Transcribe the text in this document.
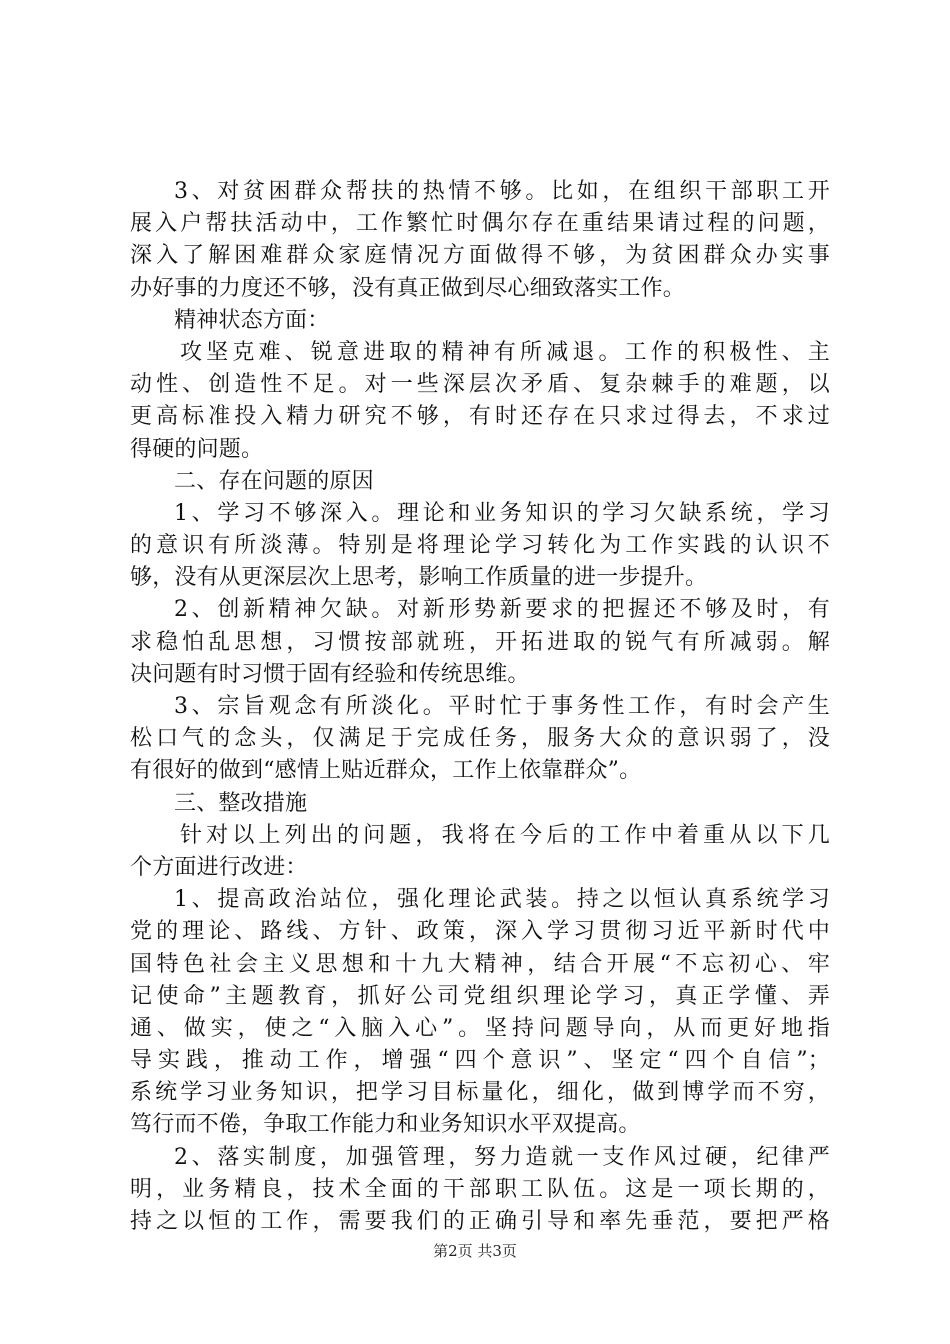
3、对贫困群众帮扶的热情不够。比如，在组织干部职工开
展入户帮扶活动中，工作繁忙时偶尔存在重结果请过程的问题，
深入了解困难群众家庭情况方面做得不够，为贫困群众办实事
办好事的力度还不够，没有真正做到尽心细致落实工作。
精神状态方面：
攻坚克难、锐意进取的精神有所减退。工作的积极性、主
动性、创造性不足。对一些深层次矛盾、复杂棘手的难题，以
更高标准投入精力研究不够，有时还存在只求过得去，不求过
得硬的问题。
二、存在问题的原因
1、学习不够深入。理论和业务知识的学习欠缺系统，学习
的意识有所淡薄。特别是将理论学习转化为工作实践的认识不
够，没有从更深层次上思考，影响工作质量的进一步提升。
2、创新精神欠缺。对新形势新要求的把握还不够及时，有
求稳怕乱思想，习惯按部就班，开拓进取的锐气有所减弱。解
决问题有时习惯于固有经验和传统思维。
3、宗旨观念有所淡化。平时忙于事务性工作，有时会产生
松口气的念头，仅满足于完成任务，服务大众的意识弱了，没
有很好的做到“感情上贴近群众，工作上依靠群众”。
三、整改措施
针对以上列出的问题，我将在今后的工作中着重从以下几
个方面进行改进：
1、提高政治站位，强化理论武装。持之以恒认真系统学习
党的理论、路线、方针、政策，深入学习贯彻习近平新时代中
国特色社会主义思想和十九大精神，结合开展“不忘初心、牢
记使命”主题教育，抓好公司党组织理论学习，真正学懂、弄
通、做实，使之“入脑入心”。坚持问题导向，从而更好地指
导实践，推动工作，增强“四个意识”、坚定“四个自信”；
系统学习业务知识，把学习目标量化，细化，做到博学而不穷，
笃行而不倦，争取工作能力和业务知识水平双提高。
2、落实制度，加强管理，努力造就一支作风过硬，纪律严
明，业务精良，技术全面的干部职工队伍。这是一项长期的，
持之以恒的工作，需要我们的正确引导和率先垂范，要把严格
第2页 共3页
